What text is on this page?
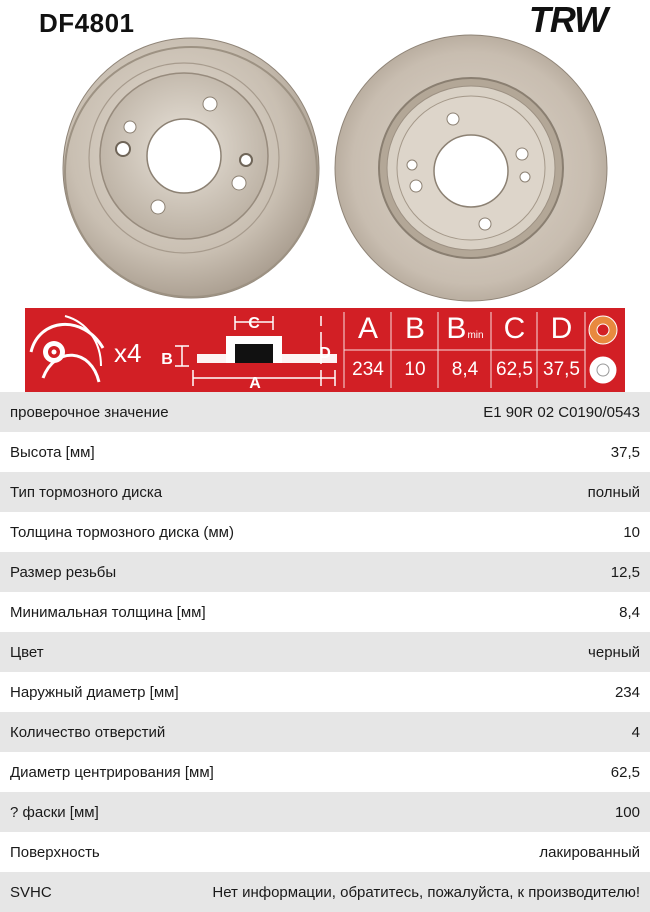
DF4801	TRW
A
B
C
D
x4
A B Bmin C D
234	10	8,4 62,5 37,5
проверочное значение	E1 90R 02 C0190/0543
Высота [мм]	37,5
Тип тормозного диска	полный
Толщина тормозного диска (мм)	10
Размер резьбы	12,5
Минимальная толщина [мм]	8,4
Цвет	черный
Наружный диаметр [мм]	234
Количество отверстий	4
Диаметр центрирования [мм]	62,5
? фаски [мм]	100
Поверхность	лакированный
SVHC	Нет информации, обратитесь, пожалуйста, к производителю!
